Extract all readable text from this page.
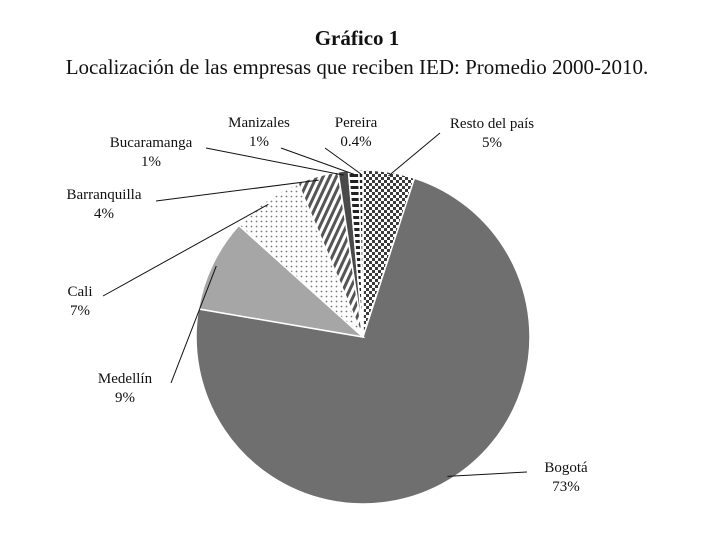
Gráfico 1
Localización de las empresas que reciben IED: Promedio 2000-2010.
Resto del país
5%
Bogotá
73%
Medellín
9%
Cali
7%
Barranquilla
4%
Bucaramanga
1%
Manizales
1%
Pereira
0.4%
